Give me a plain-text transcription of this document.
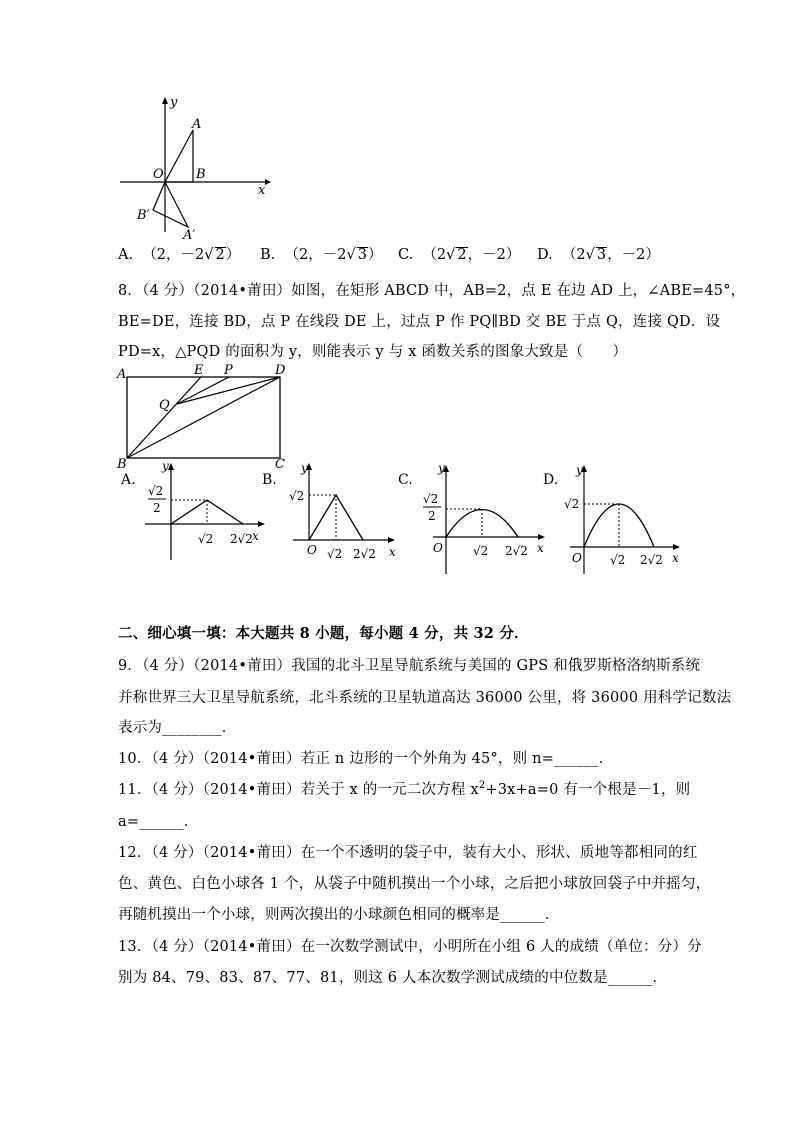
y
x
O
A
B
B′
A′
A. （2，－2√ 2） B. （2，－2√ 3） C. （2√ 2，－2） D. （2√ 3，－2）
8．（4 分）（2014•莆田）如图，在矩形 ABCD 中，AB=2，点 E 在边 AD 上，∠ABE=45°，
BE=DE，连接 BD，点 P 在线段 DE 上，过点 P 作 PQ∥BD 交 BE 于点 Q，连接 QD．设
PD=x，△PQD 的面积为 y，则能表示 y 与 x 函数关系的图象大致是（　　）
A	E P	D
Q
B	C
A.
y
x
√2
2
√2 2√2
B.
y
x
O
√2
√2 2√2
C.
y
x
O
√2
2
√2 2√2
D.
y
x
O
√2
√2 2√2
二、细心填一填：本大题共 8 小题，每小题 4 分，共 32 分．
9．（4 分）（2014•莆田）我国的北斗卫星导航系统与美国的 GPS 和俄罗斯格洛纳斯系统
并称世界三大卫星导航系统，北斗系统的卫星轨道高达 36000 公里，将 36000 用科学记数法
表示为________．
10．（4 分）（2014•莆田）若正 n 边形的一个外角为 45°，则 n=______．
11．（4 分）（2014•莆田）若关于 x 的一元二次方程 $x^2+3x+a=0$ 有一个根是－1，则
a=______．
12．（4 分）（2014•莆田）在一个不透明的袋子中，装有大小、形状、质地等都相同的红
色、黄色、白色小球各 1 个，从袋子中随机摸出一个小球，之后把小球放回袋子中并摇匀，
再随机摸出一个小球，则两次摸出的小球颜色相同的概率是______．
13．（4 分）（2014•莆田）在一次数学测试中，小明所在小组 6 人的成绩（单位：分）分
别为 84、79、83、87、77、81，则这 6 人本次数学测试成绩的中位数是______．
